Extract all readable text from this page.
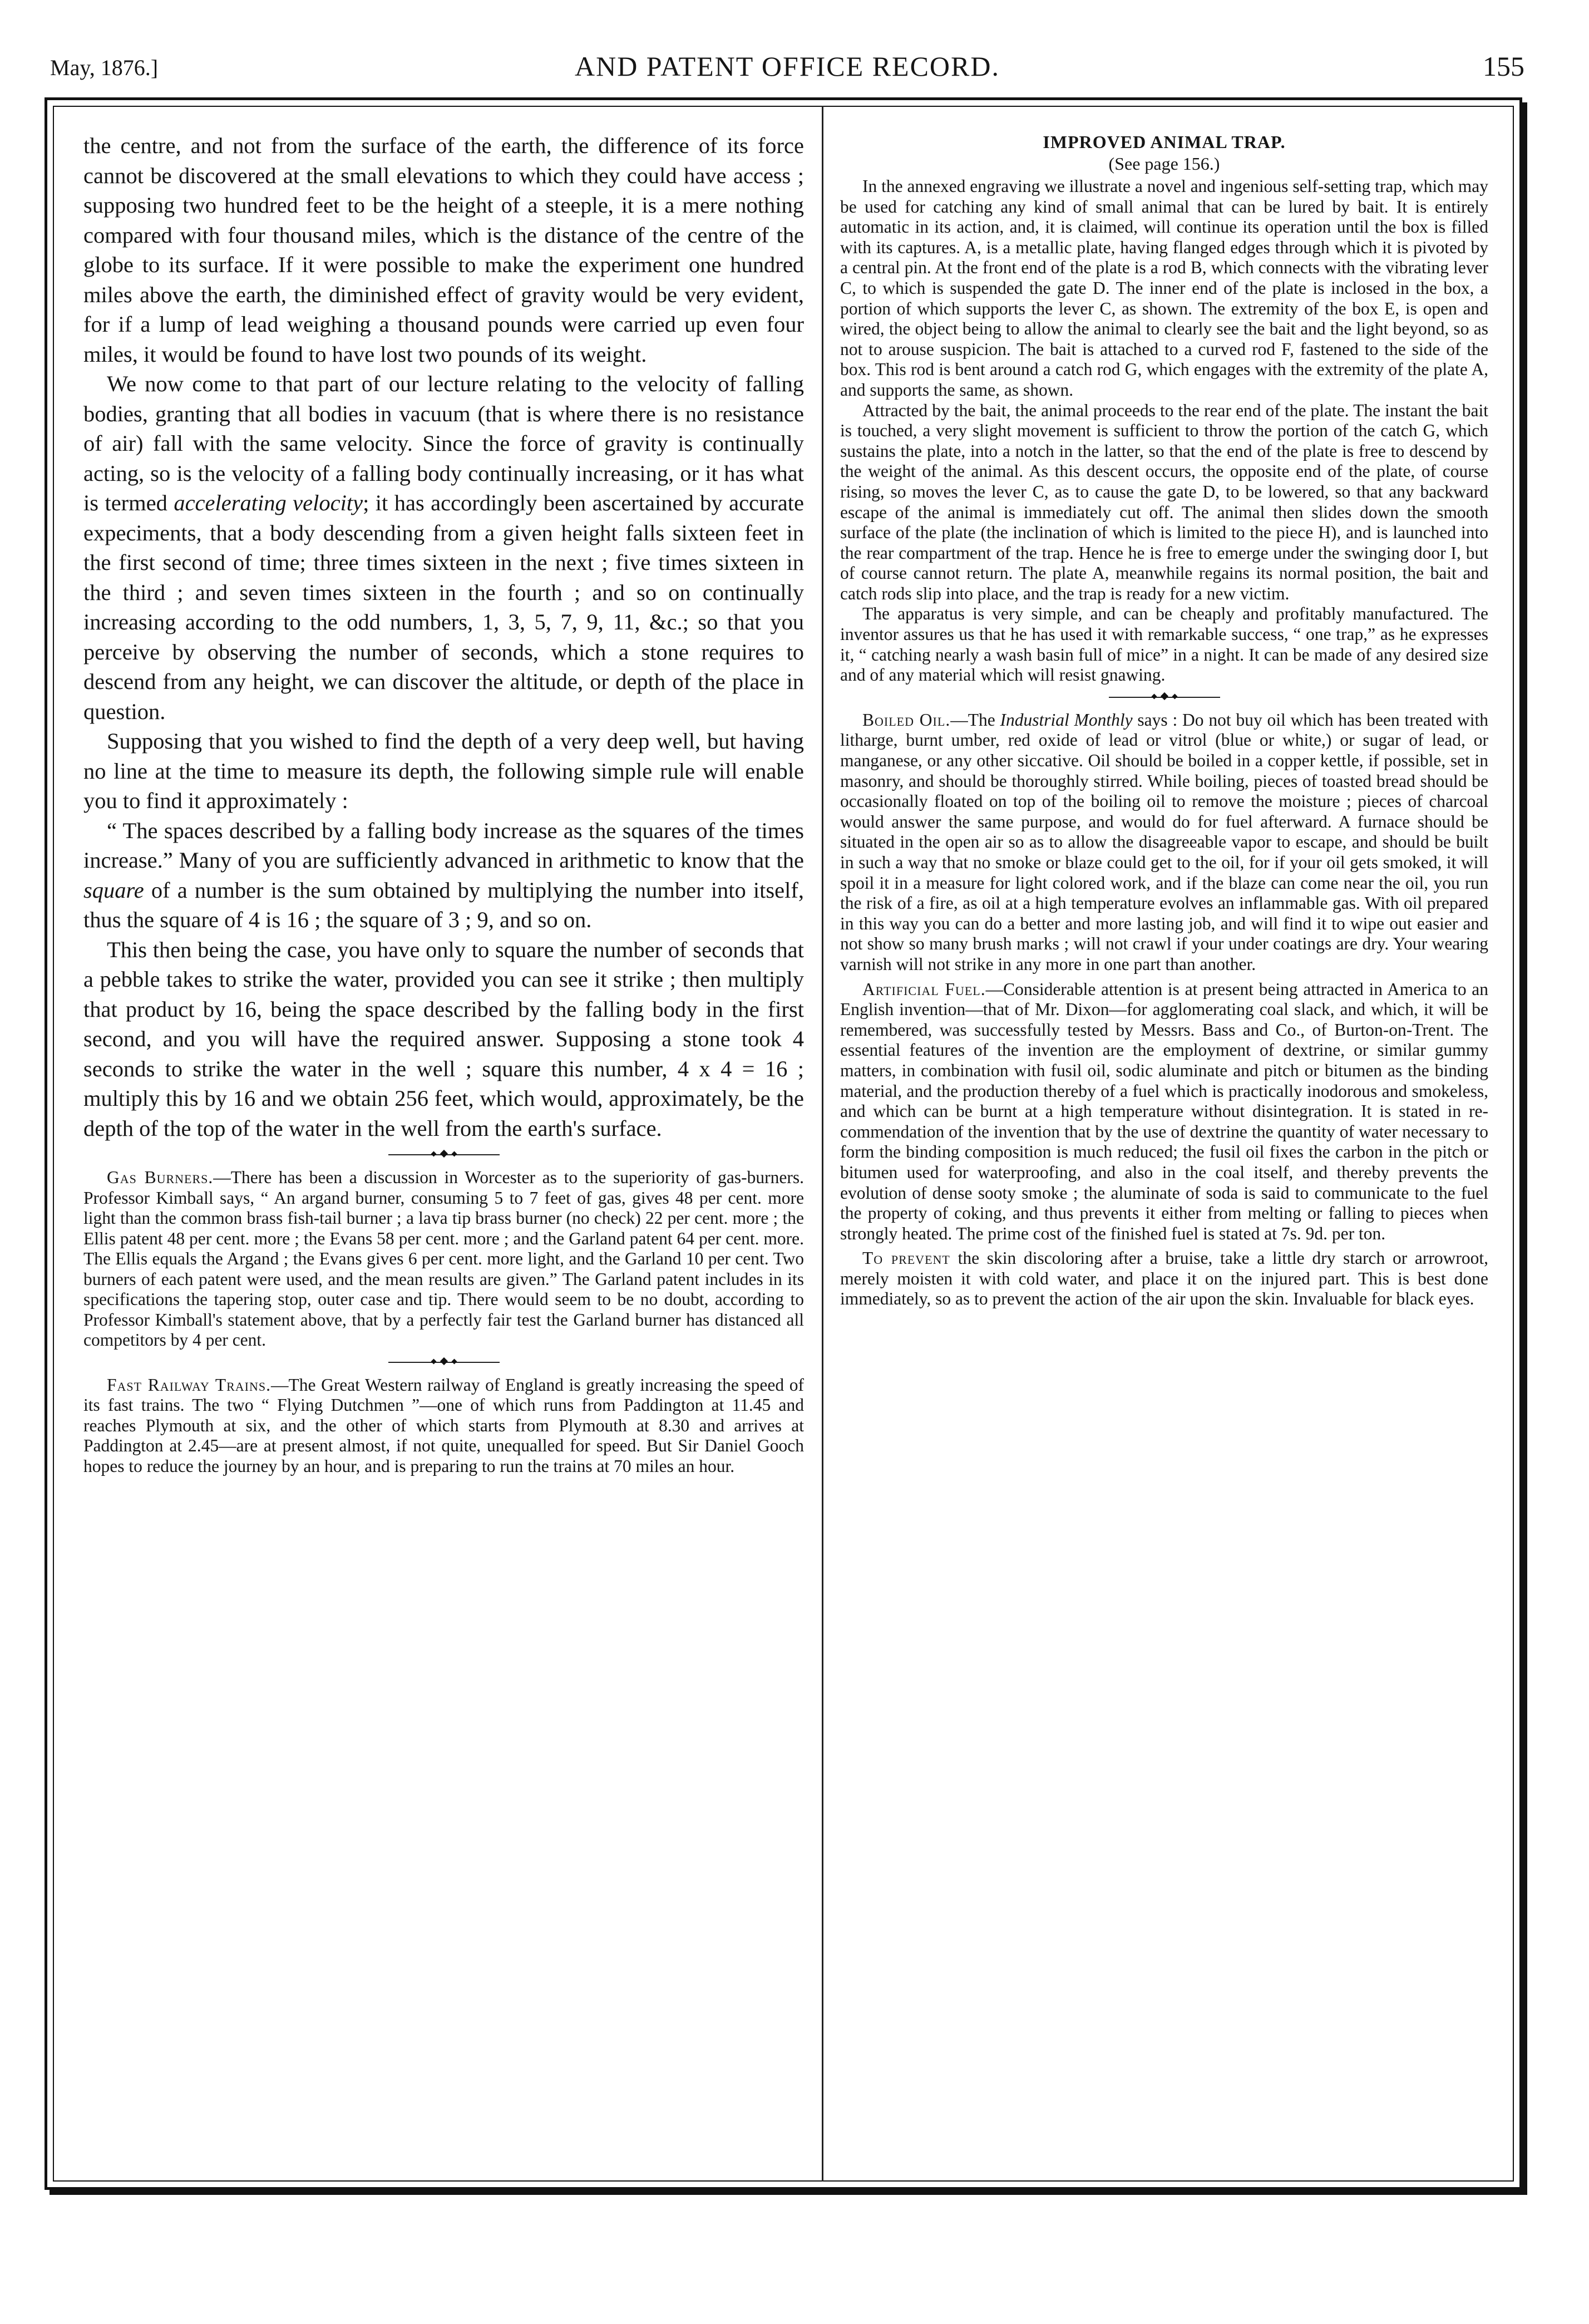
May, 1876.]	AND PATENT OFFICE RECORD.	155

the centre, and not from the surface of the earth, the difference of its force cannot be discovered at the small elevations to which they could have access ; supposing two hundred feet to be the height of a steeple, it is a mere nothing compared with four thousand miles, which is the distance of the centre of the globe to its surface. If it were possible to make the experiment one hundred miles above the earth, the diminished effect of gravity would be very evident, for if a lump of lead weighing a thousand pounds were carried up even four miles, it would be found to have lost two pounds of its weight.

We now come to that part of our lecture relating to the velocity of falling bodies, granting that all bodies in vacuum (that is where there is no resistance of air) fall with the same velocity. Since the force of gravity is continually acting, so is the velocity of a falling body continually increasing, or it has what is termed accelerating velocity; it has accordingly been ascertained by accurate expeciments, that a body descending from a given height falls sixteen feet in the first second of time; three times sixteen in the next ; five times sixteen in the third ; and seven times sixteen in the fourth ; and so on continually increasing according to the odd numbers, 1, 3, 5, 7, 9, 11, &c.; so that you perceive by observing the number of seconds, which a stone requires to descend from any height, we can discover the altitude, or depth of the place in question.

Supposing that you wished to find the depth of a very deep well, but having no line at the time to measure its depth, the following simple rule will enable you to find it approximately :

“ The spaces described by a falling body increase as the squares of the times increase.” Many of you are sufficiently advanced in arithmetic to know that the square of a number is the sum obtained by multiplying the number into itself, thus the square of 4 is 16 ; the square of 3 ; 9, and so on.

This then being the case, you have only to square the number of seconds that a pebble takes to strike the water, provided you can see it strike ; then multiply that product by 16, being the space described by the falling body in the first second, and you will have the required answer. Supposing a stone took 4 seconds to strike the water in the well ; square this number, 4 x 4 = 16 ; multiply this by 16 and we obtain 256 feet, which would, approximately, be the depth of the top of the water in the well from the earth's surface.

Gas Burners.—There has been a discussion in Worcester as to the superiority of gas-burners. Professor Kimball says, “ An argand burner, consuming 5 to 7 feet of gas, gives 48 per cent. more light than the common brass fish-tail burner ; a lava tip brass burner (no check) 22 per cent. more ; the Ellis patent 48 per cent. more ; the Evans 58 per cent. more ; and the Garland patent 64 per cent. more. The Ellis equals the Argand ; the Evans gives 6 per cent. more light, and the Garland 10 per cent. Two burners of each patent were used, and the mean results are given.” The Garland patent includes in its specifications the tapering stop, outer case and tip. There would seem to be no doubt, according to Professor Kimball's statement above, that by a perfectly fair test the Garland burner has distanced all competitors by 4 per cent.

Fast Railway Trains.—The Great Western railway of England is greatly increasing the speed of its fast trains. The two “ Flying Dutchmen ”—one of which runs from Paddington at 11.45 and reaches Plymouth at six, and the other of which starts from Plymouth at 8.30 and arrives at Paddington at 2.45—are at present almost, if not quite, unequalled for speed. But Sir Daniel Gooch hopes to reduce the journey by an hour, and is preparing to run the trains at 70 miles an hour.

IMPROVED ANIMAL TRAP.
(See page 156.)

In the annexed engraving we illustrate a novel and ingenious self-setting trap, which may be used for catching any kind of small animal that can be lured by bait. It is entirely automatic in its action, and, it is claimed, will continue its operation until the box is filled with its captures. A, is a metallic plate, having flanged edges through which it is pivoted by a central pin. At the front end of the plate is a rod B, which connects with the vibrating lever C, to which is suspended the gate D. The inner end of the plate is inclosed in the box, a portion of which supports the lever C, as shown. The extremity of the box E, is open and wired, the object being to allow the animal to clearly see the bait and the light beyond, so as not to arouse suspicion. The bait is attached to a curved rod F, fastened to the side of the box. This rod is bent around a catch rod G, which engages with the extremity of the plate A, and supports the same, as shown.

Attracted by the bait, the animal proceeds to the rear end of the plate. The instant the bait is touched, a very slight movement is sufficient to throw the portion of the catch G, which sustains the plate, into a notch in the latter, so that the end of the plate is free to descend by the weight of the animal. As this descent occurs, the opposite end of the plate, of course rising, so moves the lever C, as to cause the gate D, to be lowered, so that any backward escape of the animal is immediately cut off. The animal then slides down the smooth surface of the plate (the inclination of which is limited to the piece H), and is launched into the rear compartment of the trap. Hence he is free to emerge under the swinging door I, but of course cannot return. The plate A, meanwhile regains its normal position, the bait and catch rods slip into place, and the trap is ready for a new victim.

The apparatus is very simple, and can be cheaply and profitably manufactured. The inventor assures us that he has used it with remarkable success, “ one trap,” as he expresses it, “ catching nearly a wash basin full of mice” in a night. It can be made of any desired size and of any material which will resist gnawing.

Boiled Oil.—The Industrial Monthly says : Do not buy oil which has been treated with litharge, burnt umber, red oxide of lead or vitrol (blue or white,) or sugar of lead, or manganese, or any other siccative. Oil should be boiled in a copper kettle, if possible, set in masonry, and should be thoroughly stirred. While boiling, pieces of toasted bread should be occasionally floated on top of the boiling oil to remove the moisture ; pieces of charcoal would answer the same purpose, and would do for fuel afterward. A furnace should be situated in the open air so as to allow the disagreeable vapor to escape, and should be built in such a way that no smoke or blaze could get to the oil, for if your oil gets smoked, it will spoil it in a measure for light colored work, and if the blaze can come near the oil, you run the risk of a fire, as oil at a high temperature evolves an inflammable gas. With oil prepared in this way you can do a better and more lasting job, and will find it to wipe out easier and not show so many brush marks ; will not crawl if your under coatings are dry. Your wearing varnish will not strike in any more in one part than another.

Artificial Fuel.—Considerable attention is at present being attracted in America to an English invention—that of Mr. Dixon—for agglomerating coal slack, and which, it will be remembered, was successfully tested by Messrs. Bass and Co., of Burton-on-Trent. The essential features of the invention are the employment of dextrine, or similar gummy matters, in combination with fusil oil, sodic aluminate and pitch or bitumen as the binding material, and the production thereby of a fuel which is practically inodorous and smokeless, and which can be burnt at a high temperature without disintegration. It is stated in recommendation of the invention that by the use of dextrine the quantity of water necessary to form the binding composition is much reduced; the fusil oil fixes the carbon in the pitch or bitumen used for waterproofing, and also in the coal itself, and thereby prevents the evolution of dense sooty smoke ; the aluminate of soda is said to communicate to the fuel the property of coking, and thus prevents it either from melting or falling to pieces when strongly heated. The prime cost of the finished fuel is stated at 7s. 9d. per ton.

To prevent the skin discoloring after a bruise, take a little dry starch or arrowroot, merely moisten it with cold water, and place it on the injured part. This is best done immediately, so as to prevent the action of the air upon the skin. Invaluable for black eyes.
